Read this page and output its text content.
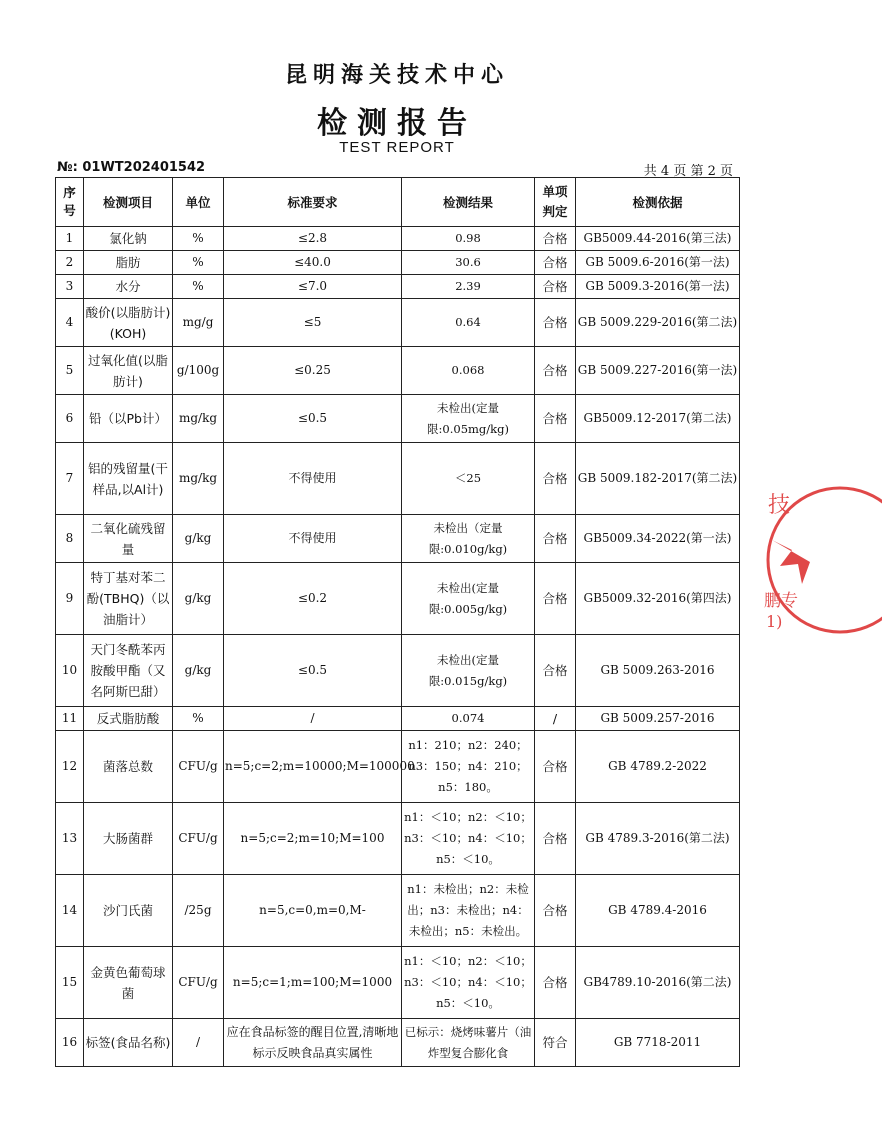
昆明海关技术中心
检测报告
TEST REPORT
№: 01WT202401542	共 4 页 第 2 页
序号	检测项目	单位	标准要求	检测结果	单项判定	检测依据
1	氯化钠	%	≤2.8	0.98	合格	GB5009.44-2016(第三法)
2	脂肪	%	≤40.0	30.6	合格	GB 5009.6-2016(第一法)
3	水分	%	≤7.0	2.39	合格	GB 5009.3-2016(第一法)
4	酸价(以脂肪计)(KOH)	mg/g	≤5	0.64	合格	GB 5009.229-2016(第二法)
5	过氧化值(以脂肪计)	g/100g	≤0.25	0.068	合格	GB 5009.227-2016(第一法)
6	铅（以Pb计）	mg/kg	≤0.5	未检出(定量限:0.05mg/kg)	合格	GB5009.12-2017(第二法)
7	铝的残留量(干样品,以Al计)	mg/kg	不得使用	＜25	合格	GB 5009.182-2017(第二法)
8	二氧化硫残留量	g/kg	不得使用	未检出（定量限:0.010g/kg)	合格	GB5009.34-2022(第一法)
9	特丁基对苯二酚(TBHQ)（以油脂计）	g/kg	≤0.2	未检出(定量限:0.005g/kg)	合格	GB5009.32-2016(第四法)
10	天门冬酰苯丙胺酸甲酯（又名阿斯巴甜）	g/kg	≤0.5	未检出(定量限:0.015g/kg)	合格	GB 5009.263-2016
11	反式脂肪酸	%	/	0.074	/	GB 5009.257-2016
12	菌落总数	CFU/g	n=5;c=2;m=10000;M=100000	n1：210；n2：240；n3：150；n4：210；n5：180。	合格	GB 4789.2-2022
13	大肠菌群	CFU/g	n=5;c=2;m=10;M=100	n1：＜10；n2：＜10；n3：＜10；n4：＜10；n5：＜10。	合格	GB 4789.3-2016(第二法)
14	沙门氏菌	/25g	n=5,c=0,m=0,M-	n1：未检出；n2：未检出；n3：未检出；n4：未检出；n5：未检出。	合格	GB 4789.4-2016
15	金黄色葡萄球菌	CFU/g	n=5;c=1;m=100;M=1000	n1：＜10；n2：＜10；n3：＜10；n4：＜10；n5：＜10。	合格	GB4789.10-2016(第二法)
16	标签(食品名称)	/	应在食品标签的醒目位置,清晰地标示反映食品真实属性	已标示：烧烤味薯片（油炸型复合膨化食	符合	GB 7718-2011
技
鹏专
1)
